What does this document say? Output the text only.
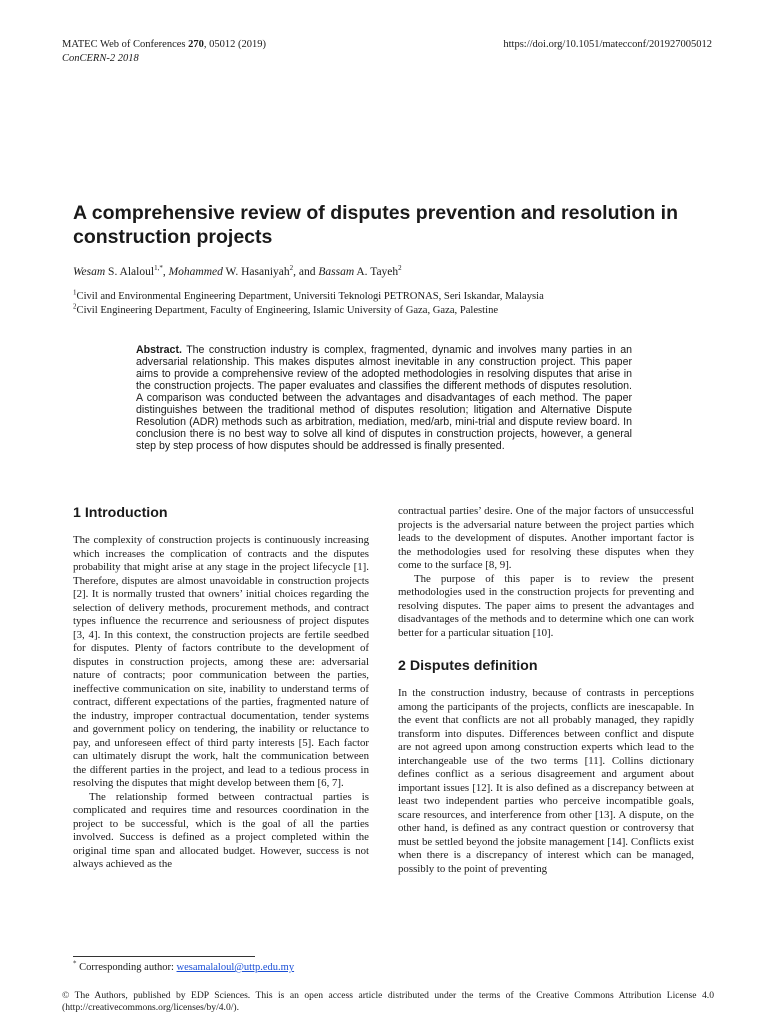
MATEC Web of Conferences 270, 05012 (2019)
ConCERN-2 2018
https://doi.org/10.1051/matecconf/201927005012
A comprehensive review of disputes prevention and resolution in construction projects
Wesam S. Alaloul$^{1,*}$, Mohammed W. Hasaniyah$^2$, and Bassam A. Tayeh$^2$
$^1$Civil and Environmental Engineering Department, Universiti Teknologi PETRONAS, Seri Iskandar, Malaysia
$^2$Civil Engineering Department, Faculty of Engineering, Islamic University of Gaza, Gaza, Palestine
Abstract. The construction industry is complex, fragmented, dynamic and involves many parties in an adversarial relationship. This makes disputes almost inevitable in any construction project. This paper aims to provide a comprehensive review of the adopted methodologies in resolving disputes that arise in the construction projects. The paper evaluates and classifies the different methods of disputes resolution. A comparison was conducted between the advantages and disadvantages of each method. The paper distinguishes between the traditional method of disputes resolution; litigation and Alternative Dispute Resolution (ADR) methods such as arbitration, mediation, med/arb, mini-trial and dispute review board. In conclusion there is no best way to solve all kind of disputes in construction projects, however, a general step by step process of how disputes should be addressed is finally presented.
1 Introduction

The complexity of construction projects is continuously increasing which increases the complication of contracts and the disputes probability that might arise at any stage in the project lifecycle [1]. Therefore, disputes are almost unavoidable in construction projects [2]. It is normally trusted that owners’ initial choices regarding the selection of delivery methods, procurement methods, and contract types influence the recurrence and seriousness of project disputes [3, 4]. In this context, the construction projects are fertile seedbed for disputes. Plenty of factors contribute to the development of disputes in construction projects, among these are: adversarial nature of contracts; poor communication between the parties, ineffective communication on site, inability to understand terms of contract, different expectations of the parties, fragmented nature of the industry, improper contractual documentation, tender systems and government policy on tendering, the inability or reluctance to pay, and unforeseen effect of third party interests [5]. Each factor can ultimately disrupt the work, halt the communication between the different parties in the project, and lead to a tedious process in resolving the disputes that might develop between them [6, 7].

The relationship formed between contractual parties is complicated and requires time and resources coordination in the project to be successful, which is the goal of all the parties involved. Success is defined as a project completed within the original time span and allocated budget. However, success is not always achieved as the

contractual parties’ desire. One of the major factors of unsuccessful projects is the adversarial nature between the project parties which leads to the development of disputes. Another important factor is the methodologies used for resolving these disputes when they come to the surface [8, 9].

The purpose of this paper is to review the present methodologies used in the construction projects for preventing and resolving disputes. The paper aims to present the advantages and disadvantages of the methods and to determine which one can work better for a particular situation [10].

2 Disputes definition

In the construction industry, because of contrasts in perceptions among the participants of the projects, conflicts are inescapable. In the event that conflicts are not all probably managed, they rapidly transform into disputes. Differences between conflict and dispute are not agreed upon among construction experts which lead to the interchangeable use of the two terms [11]. Collins dictionary defines conflict as a serious disagreement and argument about important issues [12]. It is also defined as a discrepancy between at least two independent parties who perceive incompatible goals, scare resources, and interference from other [13]. A dispute, on the other hand, is defined as any contract question or controversy that must be settled beyond the jobsite management [14]. Conflicts exist when there is a discrepancy of interest which can be managed, possibly to the point of preventing

* Corresponding author: wesamalaloul@uttp.edu.my
© The Authors, published by EDP Sciences. This is an open access article distributed under the terms of the Creative Commons Attribution License 4.0 (http://creativecommons.org/licenses/by/4.0/).
